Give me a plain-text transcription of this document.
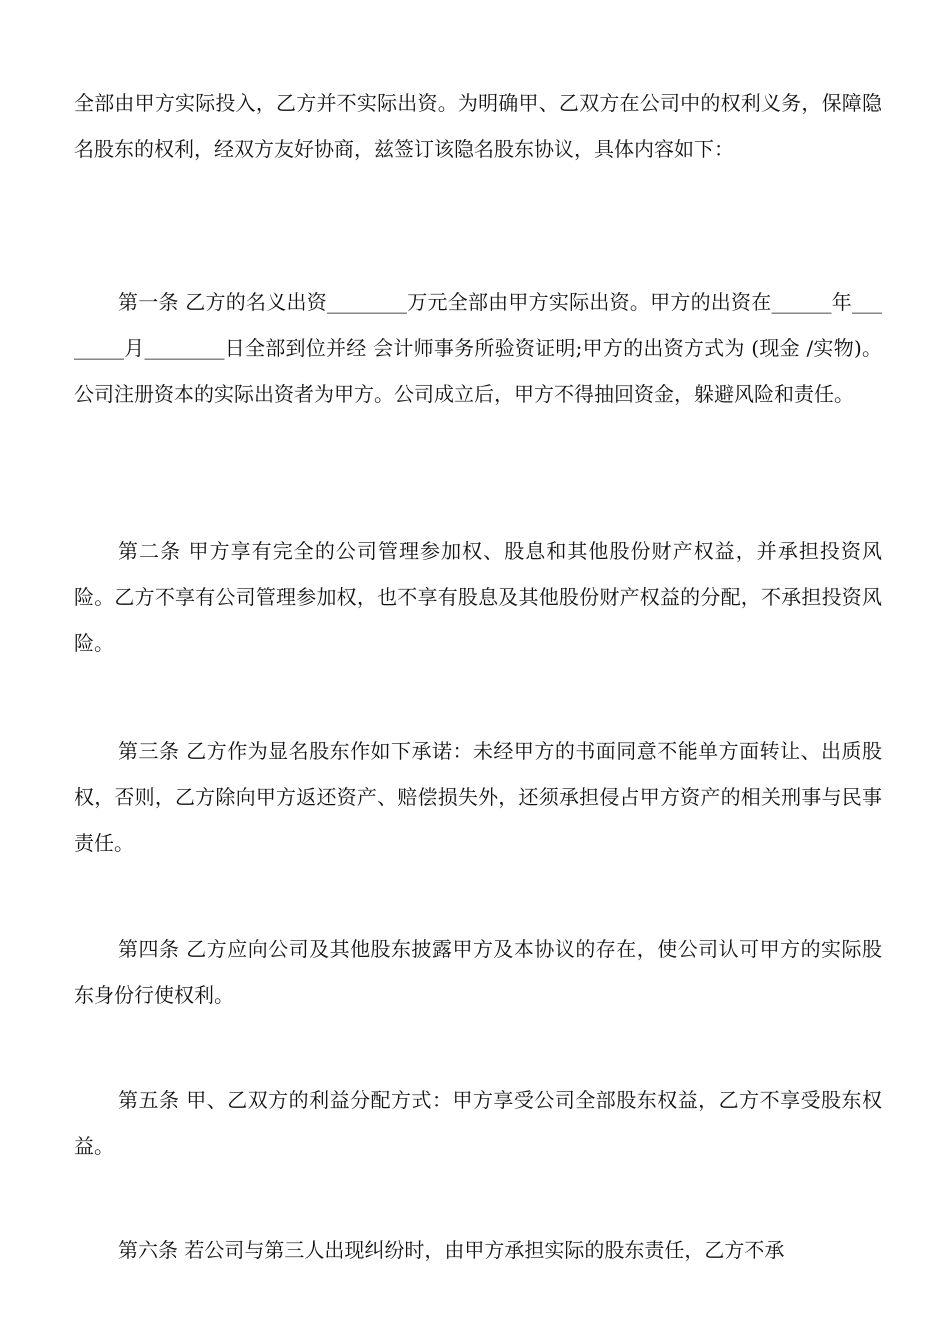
全部由甲方实际投入，乙方并不实际出资。为明确甲、乙双方在公司中的权利义务，保障隐名股东的权利，经双方友好协商，兹签订该隐名股东协议，具体内容如下：

第一条 乙方的名义出资________万元全部由甲方实际出资。甲方的出资在______年________月________日全部到位并经 会计师事务所验资证明;甲方的出资方式为 (现金 /实物)。公司注册资本的实际出资者为甲方。公司成立后，甲方不得抽回资金，躲避风险和责任。

第二条 甲方享有完全的公司管理参加权、股息和其他股份财产权益，并承担投资风险。乙方不享有公司管理参加权，也不享有股息及其他股份财产权益的分配，不承担投资风险。

第三条 乙方作为显名股东作如下承诺：未经甲方的书面同意不能单方面转让、出质股权，否则，乙方除向甲方返还资产、赔偿损失外，还须承担侵占甲方资产的相关刑事与民事责任。

第四条 乙方应向公司及其他股东披露甲方及本协议的存在，使公司认可甲方的实际股东身份行使权利。

第五条 甲、乙双方的利益分配方式：甲方享受公司全部股东权益，乙方不享受股东权益。

第六条 若公司与第三人出现纠纷时，由甲方承担实际的股东责任，乙方不承
